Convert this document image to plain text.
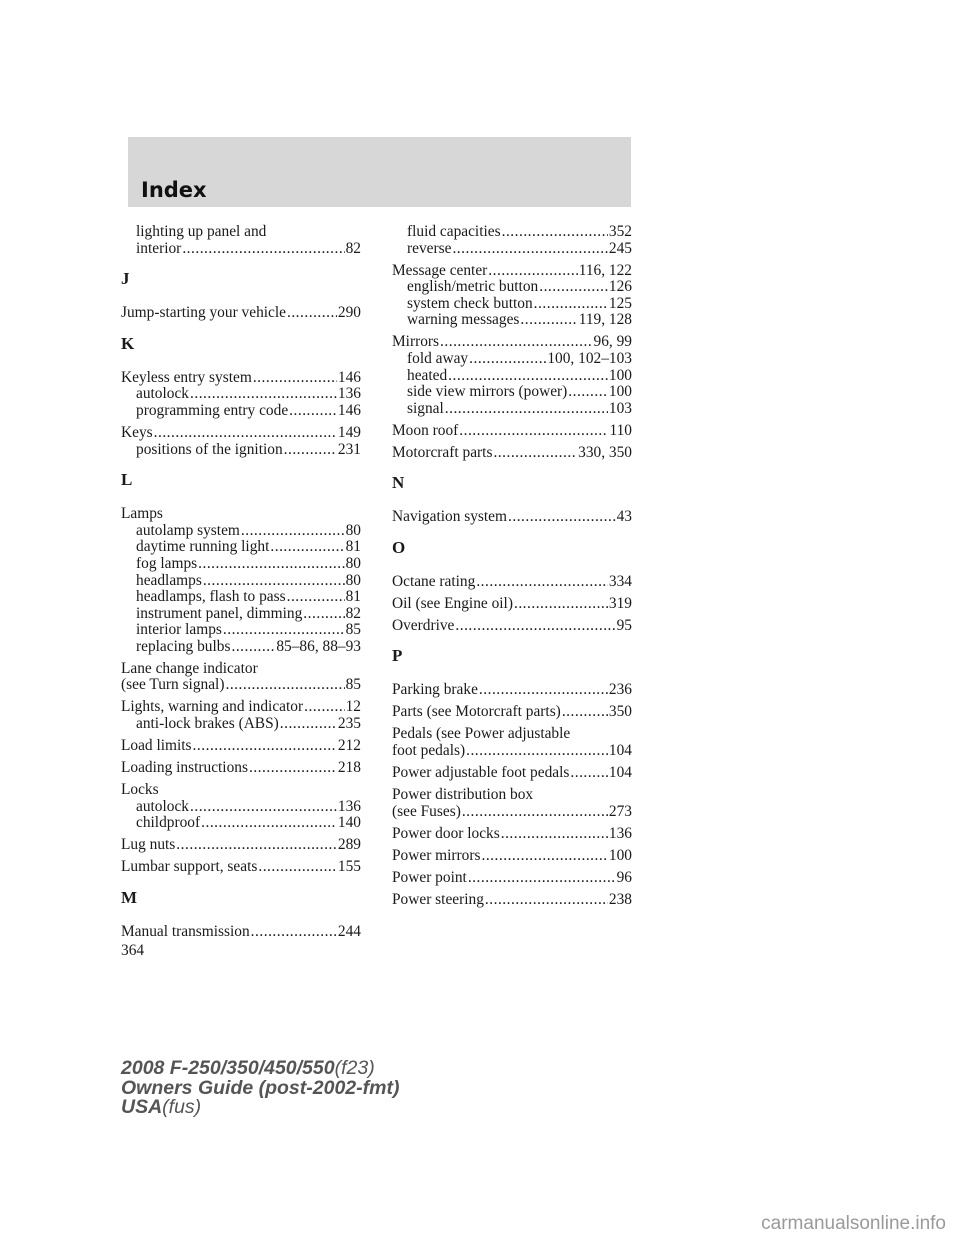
Index
lighting up panel and
interior .....	82
J
Jump-starting your vehicle .....	290
K
Keyless entry system .....	146
autolock .....	136
programming entry code .....	146
Keys .....	149
positions of the ignition .....	231
L
Lamps
autolamp system .....	80
daytime running light .....	81
fog lamps .....	80
headlamps .....	80
headlamps, flash to pass .....	81
instrument panel, dimming .....	82
interior lamps .....	85
replacing bulbs .....	85–86, 88–93
Lane change indicator
(see Turn signal) .....	85
Lights, warning and indicator .....	12
anti-lock brakes (ABS) .....	235
Load limits .....	212
Loading instructions .....	218
Locks
autolock .....	136
childproof .....	140
Lug nuts .....	289
Lumbar support, seats .....	155
M
Manual transmission .....	244
fluid capacities .....	352
reverse .....	245
Message center .....	116, 122
english/metric button .....	126
system check button .....	125
warning messages .....	119, 128
Mirrors .....	96, 99
fold away .....	100, 102–103
heated .....	100
side view mirrors (power) .....	100
signal .....	103
Moon roof .....	110
Motorcraft parts .....	330, 350
N
Navigation system .....	43
O
Octane rating .....	334
Oil (see Engine oil) .....	319
Overdrive .....	95
P
Parking brake .....	236
Parts (see Motorcraft parts) .....	350
Pedals (see Power adjustable
foot pedals) .....	104
Power adjustable foot pedals .....	104
Power distribution box
(see Fuses) .....	273
Power door locks .....	136
Power mirrors .....	100
Power point .....	96
Power steering .....	238
364
2008 F-250/350/450/550(f23)
Owners Guide (post-2002-fmt)
USA(fus)
carmanualsonline.info
